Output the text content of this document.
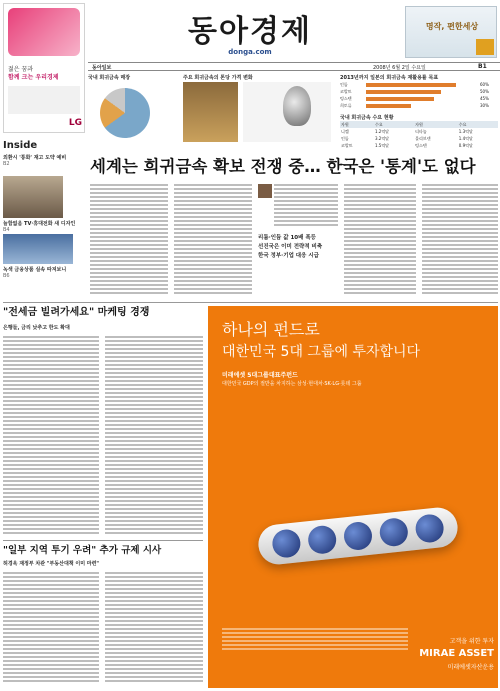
동아경제
donga.com
명작, 편한세상
동아일보	2008년 6월 2일 수요일	B1
젊은 꿈과
함께 크는 우리경제
LG
Inside
외환시 '통화' 재고 도약 예비
B2
늘함없음 TV·휴대전화 새 디자인
B4
녹색 금융상품 실속 따져보니
B6
국내 희귀금속 매장	주요 희귀금속의 톤당 가격 변화	2013년까지 일본의 희귀금속 재활용률 목표
인듐	60%
코발트	50%
텅스텐	45%
희토류	30%
국내 희귀금속 수요 현황
자원	수요	자원	수요
니켈	1.2억달	티타늄	1.3억달
인듐	3.2억달	몰리브덴	1.4억달
코발트	1.5억달	텅스텐	0.9억달
세계는 희귀금속 확보 전쟁 중… 한국은 '통계'도 없다
리튬·인듐 값 10배 폭등
선진국은 이미 전략적 비축
한국 정부·기업 대응 시급
"전세금 빌려가세요" 마케팅 경쟁
은행들, 금리 낮추고 한도 확대
"일부 지역 투기 우려" 추가 규제 시사
허경욱 재정부 차관 "부동산대책 이미 마련"
하나의 펀드로
대한민국 5대 그룹에 투자합니다
미래에셋 5대그룹대표주펀드
대한민국 GDP의 절반을 차지하는 삼성·현대차·SK·LG·롯데 그룹
고객을 위한 투자
MIRAE ASSET
미래에셋자산운용
